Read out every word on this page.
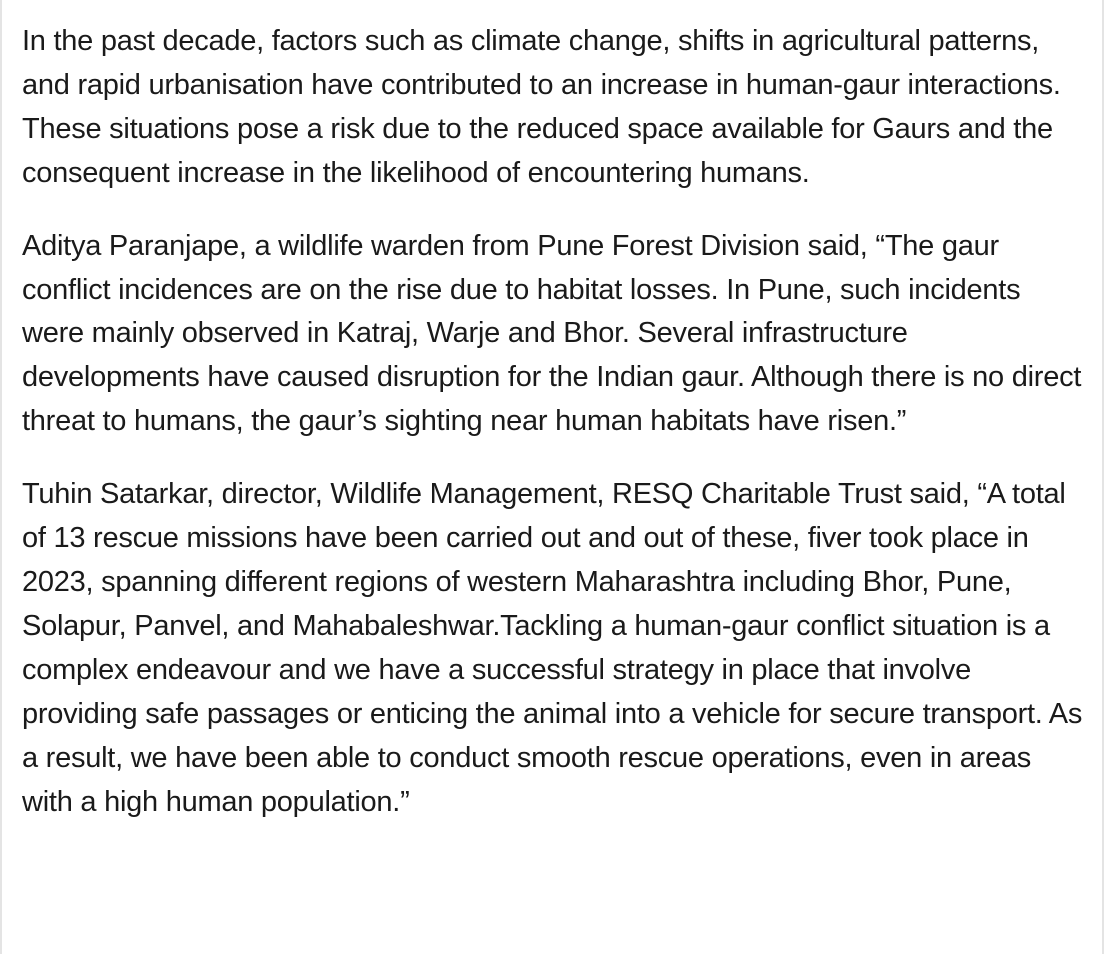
In the past decade, factors such as climate change, shifts in agricultural patterns, and rapid urbanisation have contributed to an increase in human-gaur interactions. These situations pose a risk due to the reduced space available for Gaurs and the consequent increase in the likelihood of encountering humans.

Aditya Paranjape, a wildlife warden from Pune Forest Division said, “The gaur conflict incidences are on the rise due to habitat losses. In Pune, such incidents were mainly observed in Katraj, Warje and Bhor. Several infrastructure developments have caused disruption for the Indian gaur. Although there is no direct threat to humans, the gaur’s sighting near human habitats have risen.”

Tuhin Satarkar, director, Wildlife Management, RESQ Charitable Trust said, “A total of 13 rescue missions have been carried out and out of these, fiver took place in 2023, spanning different regions of western Maharashtra including Bhor, Pune, Solapur, Panvel, and Mahabaleshwar.Tackling a human-gaur conflict situation is a complex endeavour and we have a successful strategy in place that involve providing safe passages or enticing the animal into a vehicle for secure transport. As a result, we have been able to conduct smooth rescue operations, even in areas with a high human population.”
